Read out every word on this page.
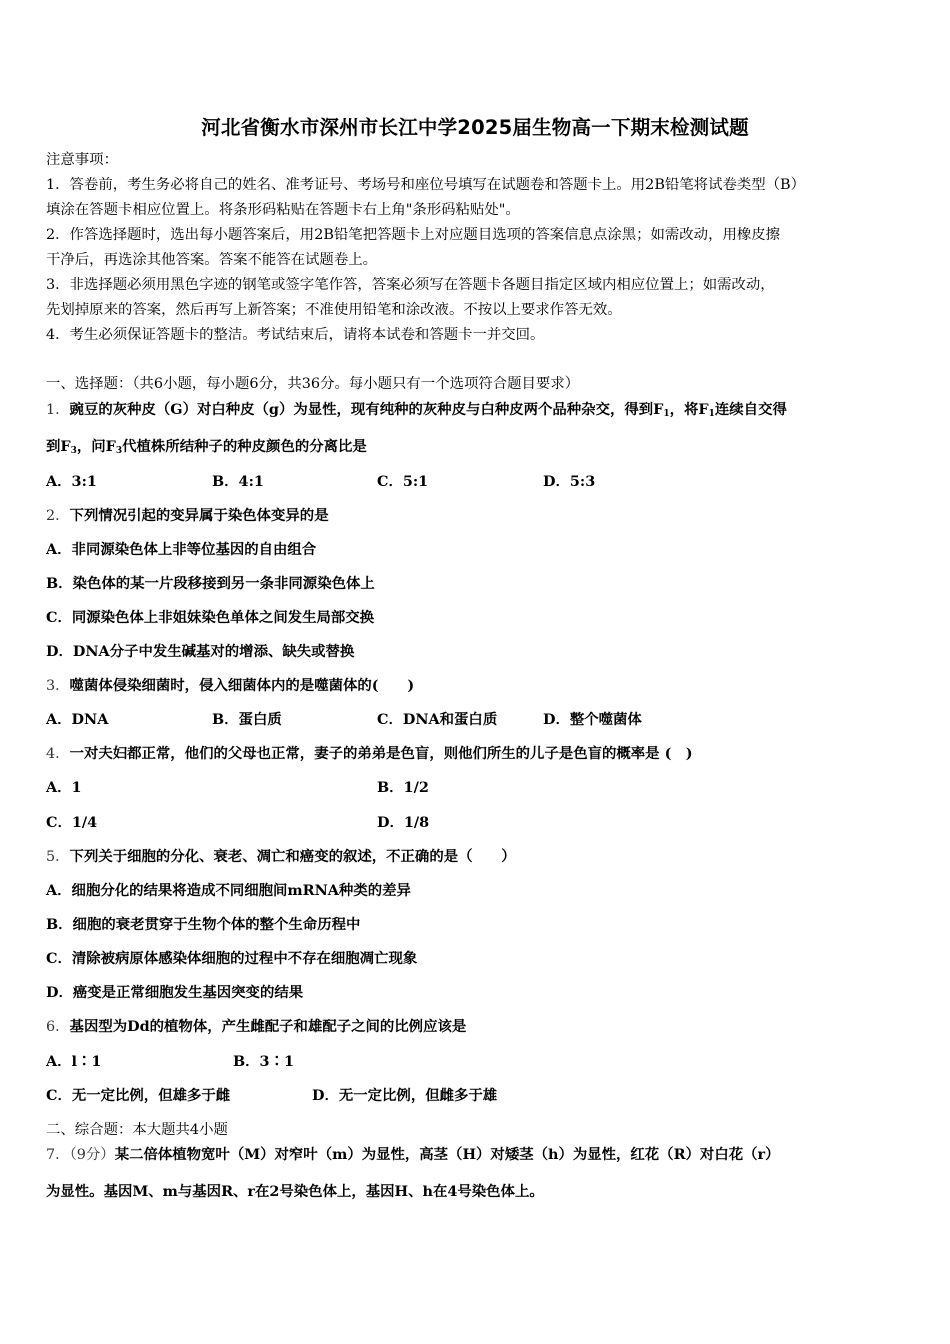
河北省衡水市深州市长江中学2025届生物高一下期末检测试题
注意事项：
1．答卷前，考生务必将自己的姓名、准考证号、考场号和座位号填写在试题卷和答题卡上。用2B铅笔将试卷类型（B）
填涂在答题卡相应位置上。将条形码粘贴在答题卡右上角"条形码粘贴处"。
2．作答选择题时，选出每小题答案后，用2B铅笔把答题卡上对应题目选项的答案信息点涂黑；如需改动，用橡皮擦
干净后，再选涂其他答案。答案不能答在试题卷上。
3．非选择题必须用黑色字迹的钢笔或签字笔作答，答案必须写在答题卡各题目指定区域内相应位置上；如需改动，
先划掉原来的答案，然后再写上新答案；不准使用铅笔和涂改液。不按以上要求作答无效。
4．考生必须保证答题卡的整洁。考试结束后，请将本试卷和答题卡一并交回。
一、选择题：（共6小题，每小题6分，共36分。每小题只有一个选项符合题目要求）
1．豌豆的灰种皮（G）对白种皮（g）为显性，现有纯种的灰种皮与白种皮两个品种杂交，得到$F_1$，将$F_1$连续自交得
到$F_3$，问$F_3$代植株所结种子的种皮颜色的分离比是
A．3:1	B．4:1	C．5:1	D．5:3
2．下列情况引起的变异属于染色体变异的是
A．非同源染色体上非等位基因的自由组合
B．染色体的某一片段移接到另一条非同源染色体上
C．同源染色体上非姐妹染色单体之间发生局部交换
D．DNA分子中发生碱基对的增添、缺失或替换
3．噬菌体侵染细菌时，侵入细菌体内的是噬菌体的(　　)
A．DNA	B．蛋白质	C．DNA和蛋白质	D．整个噬菌体
4．一对夫妇都正常，他们的父母也正常，妻子的弟弟是色盲，则他们所生的儿子是色盲的概率是 (　)
A．1	B．1/2
C．1/4	D．1/8
5．下列关于细胞的分化、衰老、凋亡和癌变的叙述，不正确的是（　　）
A．细胞分化的结果将造成不同细胞间mRNA种类的差异
B．细胞的衰老贯穿于生物个体的整个生命历程中
C．清除被病原体感染体细胞的过程中不存在细胞凋亡现象
D．癌变是正常细胞发生基因突变的结果
6．基因型为Dd的植物体，产生雌配子和雄配子之间的比例应该是
A．l∶1	B．3∶1
C．无一定比例，但雄多于雌	D．无一定比例，但雌多于雄
二、综合题：本大题共4小题
7．（9分）某二倍体植物宽叶（M）对窄叶（m）为显性，高茎（H）对矮茎（h）为显性，红花（R）对白花（r）
为显性。基因M、m与基因R、r在2号染色体上，基因H、h在4号染色体上。
